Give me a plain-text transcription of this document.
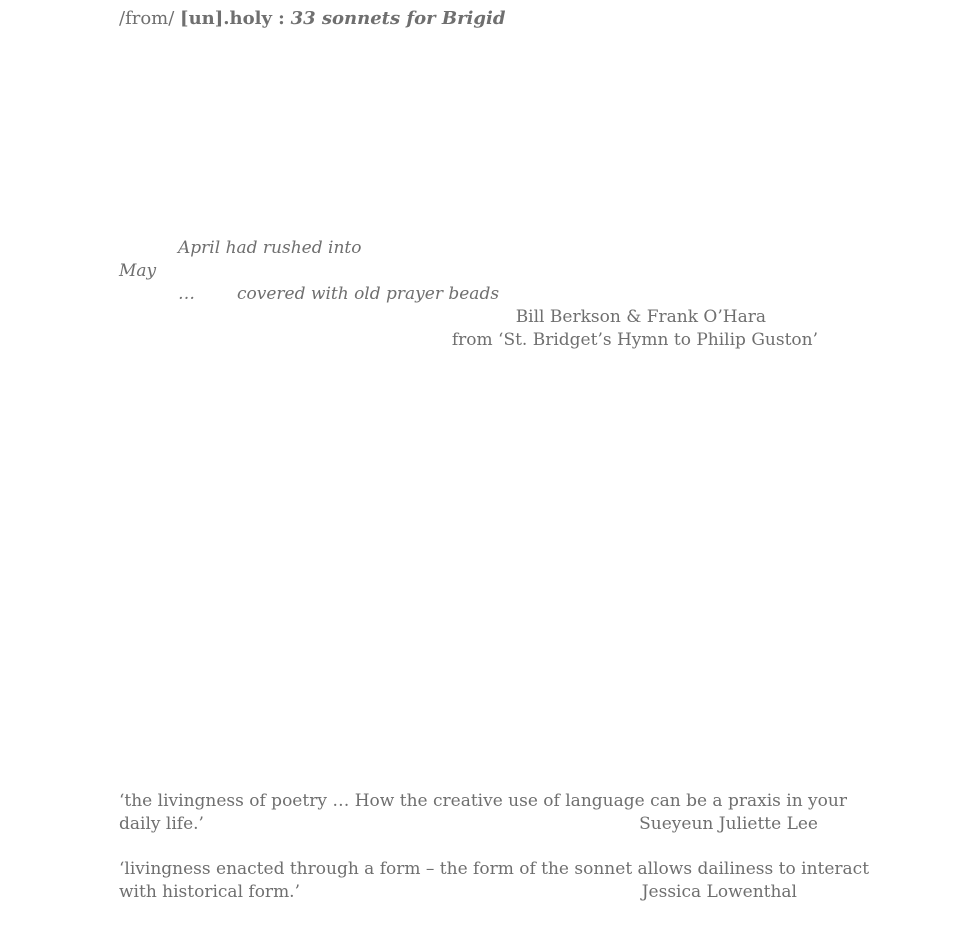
/from/ [un].holy : 33 sonnets for Brigid
April had rushed into
May
… covered with old prayer beads
Bill Berkson & Frank O’Hara
from ‘St. Bridget’s Hymn to Philip Guston’
‘the livingness of poetry … How the creative use of language can be a praxis in your
daily life.’	Sueyeun Juliette Lee
‘livingness enacted through a form – the form of the sonnet allows dailiness to interact
with historical form.’	Jessica Lowenthal
